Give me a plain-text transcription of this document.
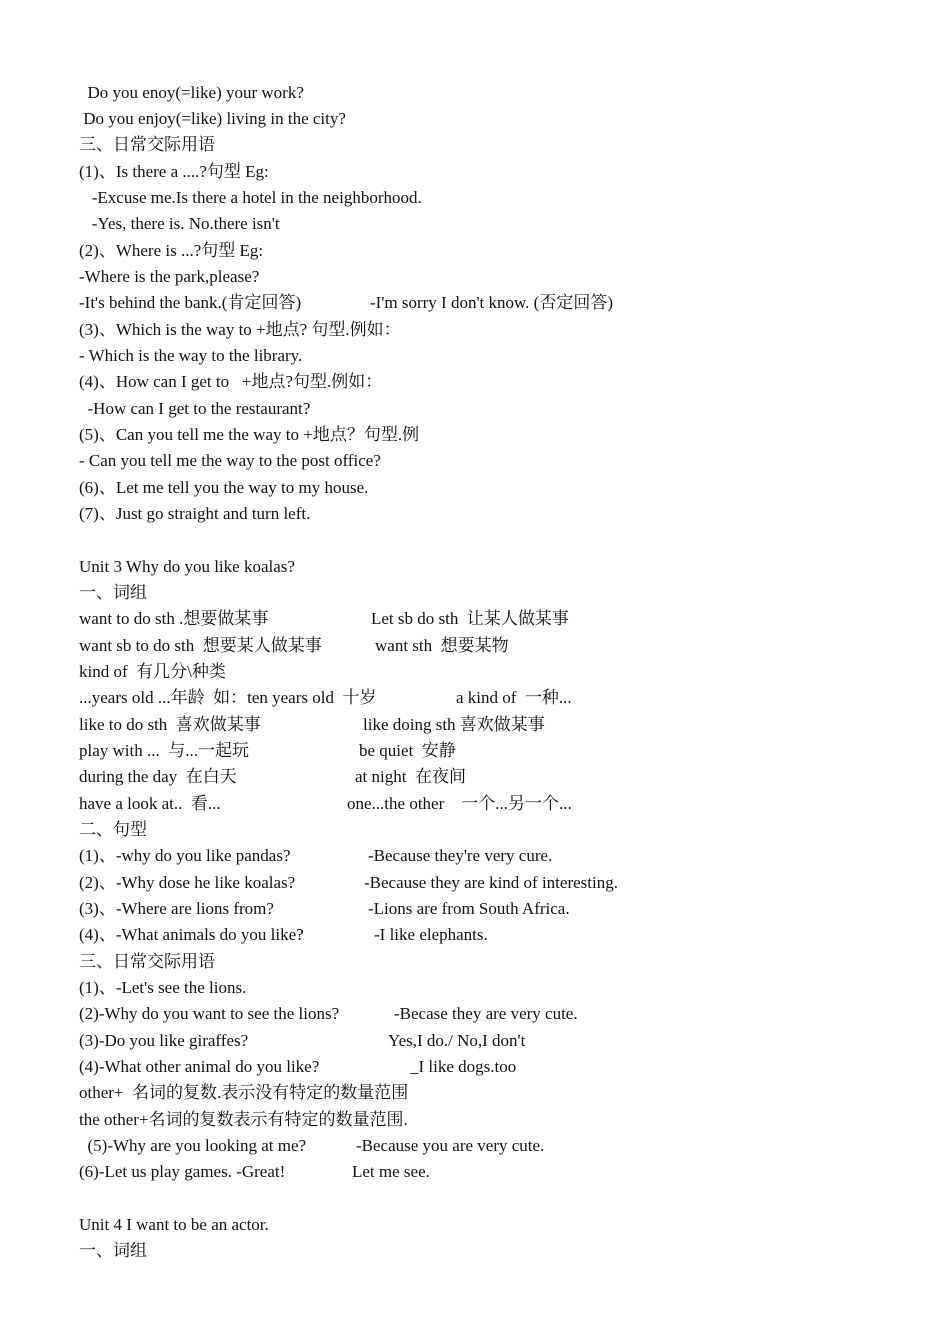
Do you enoy(=like) your work?
Do you enjoy(=like) living in the city?
三、日常交际用语
(1)、Is there a ....?句型 Eg:
-Excuse me.Is there a hotel in the neighborhood.
-Yes, there is. No.there isn't
(2)、Where is ...?句型 Eg:
-Where is the park,please?
-It's behind the bank.(肯定回答)	-I'm sorry I don't know. (否定回答)
(3)、Which is the way to +地点? 句型.例如：
- Which is the way to the library.
(4)、How can I get to   +地点?句型.例如：
-How can I get to the restaurant?
(5)、Can you tell me the way to +地点？句型.例
- Can you tell me the way to the post office?
(6)、Let me tell you the way to my house.
(7)、Just go straight and turn left.
Unit 3 Why do you like koalas?
一、词组
want to do sth .想要做某事	Let sb do sth  让某人做某事
want sb to do sth  想要某人做某事	want sth  想要某物
kind of  有几分\种类
...years old ...年龄  如：ten years old  十岁	a kind of  一种...
like to do sth  喜欢做某事	like doing sth 喜欢做某事
play with ...  与...一起玩	be quiet  安静
during the day  在白天	at night  在夜间
have a look at..  看...	one...the other    一个...另一个...
二、句型
(1)、-why do you like pandas?	-Because they're very cure.
(2)、-Why dose he like koalas?	-Because they are kind of interesting.
(3)、-Where are lions from?	-Lions are from South Africa.
(4)、-What animals do you like?	-I like elephants.
三、日常交际用语
(1)、-Let's see the lions.
(2)-Why do you want to see the lions?	-Becase they are very cute.
(3)-Do you like giraffes?	Yes,I do./ No,I don't
(4)-What other animal do you like?	_I like dogs.too
other+  名词的复数.表示没有特定的数量范围
the other+名词的复数表示有特定的数量范围.
(5)-Why are you looking at me?	-Because you are very cute.
(6)-Let us play games. -Great!	Let me see.
Unit 4 I want to be an actor.
一、词组
